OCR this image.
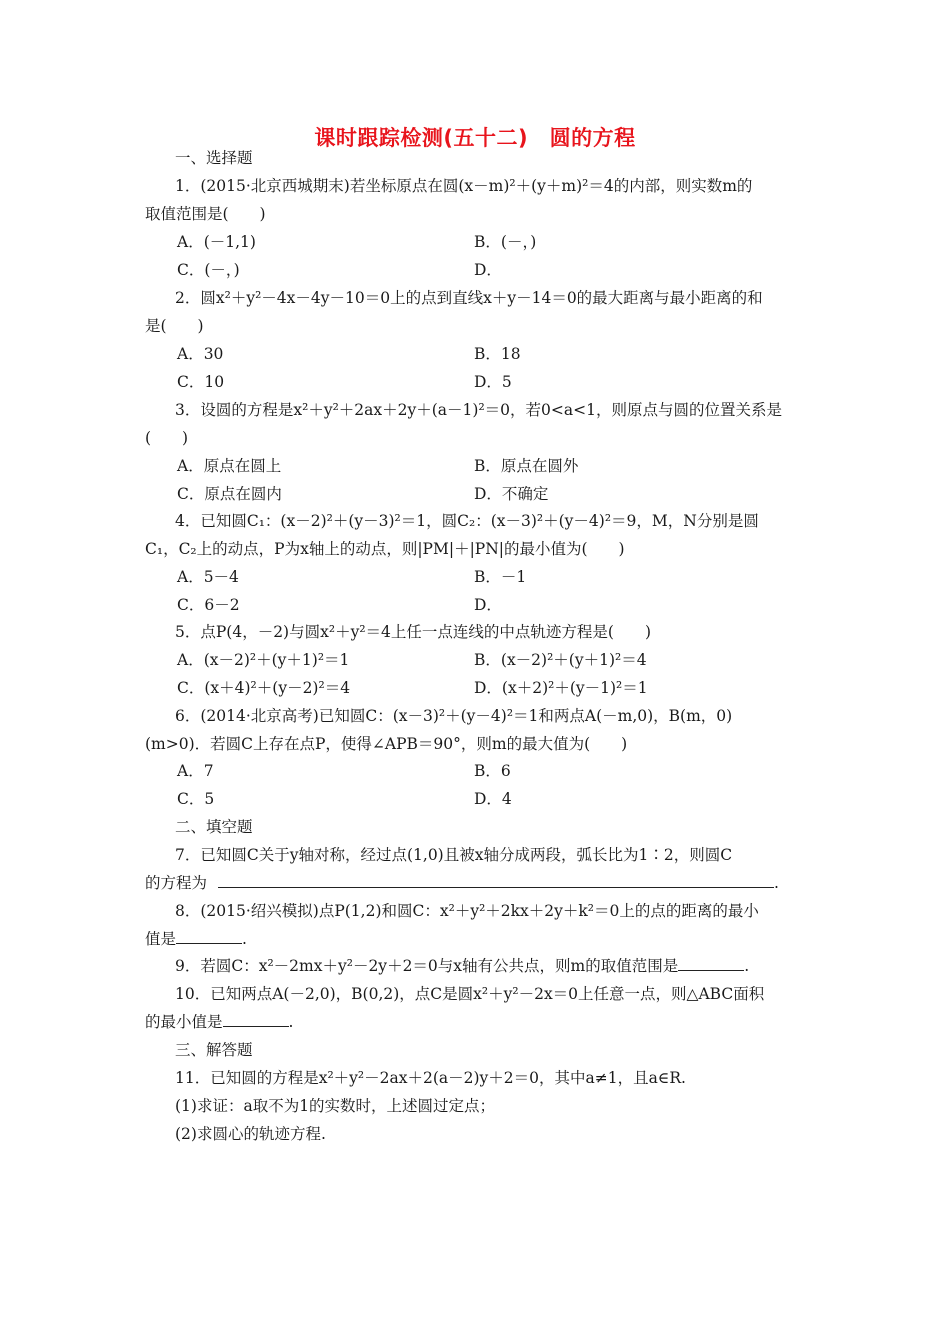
课时跟踪检测(五十二)　圆的方程
一、选择题
1．(2015·北京西城期末)若坐标原点在圆(x－m)²＋(y＋m)²＝4的内部，则实数m的
取值范围是(　　)
A．(－1,1)	B．(－，)
C．(－，)	D．
2．圆x²＋y²－4x－4y－10＝0上的点到直线x＋y－14＝0的最大距离与最小距离的和
是(　　)
A．30	B．18
C．10	D．5
3．设圆的方程是x²＋y²＋2ax＋2y＋(a－1)²＝0，若0<a<1，则原点与圆的位置关系是
(　　)
A．原点在圆上	B．原点在圆外
C．原点在圆内	D．不确定
4．已知圆C₁：(x－2)²＋(y－3)²＝1，圆C₂：(x－3)²＋(y－4)²＝9，M，N分别是圆
C₁，C₂上的动点，P为x轴上的动点，则|PM|＋|PN|的最小值为(　　)
A．5－4	B．－1
C．6－2	D．
5．点P(4，－2)与圆x²＋y²＝4上任一点连线的中点轨迹方程是(　　)
A．(x－2)²＋(y＋1)²＝1	B．(x－2)²＋(y＋1)²＝4
C．(x＋4)²＋(y－2)²＝4	D．(x＋2)²＋(y－1)²＝1
6．(2014·北京高考)已知圆C：(x－3)²＋(y－4)²＝1和两点A(－m,0)，B(m，0)
(m>0)．若圆C上存在点P，使得∠APB＝90°，则m的最大值为(　　)
A．7	B．6
C．5	D．4
二、填空题
7．已知圆C关于y轴对称，经过点(1,0)且被x轴分成两段，弧长比为1∶2，则圆C
的方程为	.
8．(2015·绍兴模拟)点P(1,2)和圆C：x²＋y²＋2kx＋2y＋k²＝0上的点的距离的最小
值是	.
9．若圆C：x²－2mx＋y²－2y＋2＝0与x轴有公共点，则m的取值范围是	.
10．已知两点A(－2,0)，B(0,2)，点C是圆x²＋y²－2x＝0上任意一点，则△ABC面积
的最小值是	.
三、解答题
11．已知圆的方程是x²＋y²－2ax＋2(a－2)y＋2＝0，其中a≠1，且a∈R.
(1)求证：a取不为1的实数时，上述圆过定点；
(2)求圆心的轨迹方程.
